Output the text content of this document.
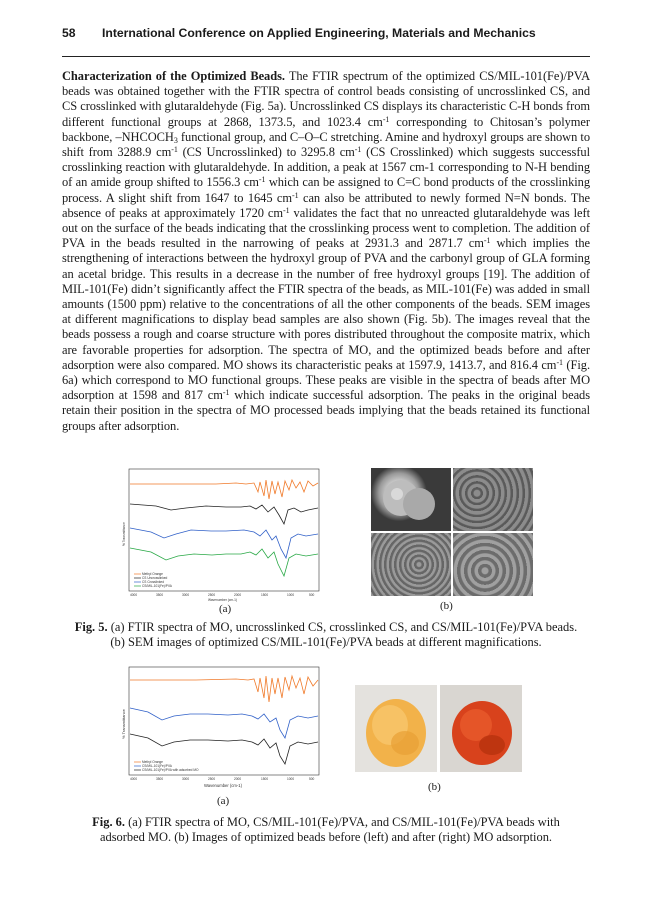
58	International Conference on Applied Engineering, Materials and Mechanics
Characterization of the Optimized Beads. The FTIR spectrum of the optimized CS/MIL-101(Fe)/PVA beads was obtained together with the FTIR spectra of control beads consisting of uncrosslinked CS, and CS crosslinked with glutaraldehyde (Fig. 5a). Uncrosslinked CS displays its characteristic C-H bonds from different functional groups at 2868, 1373.5, and 1023.4 $cm^{-1}$ corresponding to Chitosan’s polymer backbone, $-NHCOCH_3$ functional group, and C–O–C stretching. Amine and hydroxyl groups are shown to shift from 3288.9 $cm^{-1}$ (CS Uncrosslinked) to 3295.8 $cm^{-1}$ (CS Crosslinked) which suggests successful crosslinking reaction with glutaraldehyde. In addition, a peak at 1567 cm-1 corresponding to N-H bending of an amide group shifted to 1556.3 $cm^{-1}$ which can be assigned to C=C bond products of the crosslinking process. A slight shift from 1647 to 1645 $cm^{-1}$ can also be attributed to newly formed N=N bonds. The absence of peaks at approximately 1720 $cm^{-1}$ validates the fact that no unreacted glutaraldehyde was left out on the surface of the beads indicating that the crosslinking process went to completion. The addition of PVA in the beads resulted in the narrowing of peaks at 2931.3 and 2871.7 $cm^{-1}$ which implies the strengthening of interactions between the hydroxyl group of PVA and the carbonyl group of GLA forming an acetal bridge. This results in a decrease in the number of free hydroxyl groups [19]. The addition of MIL-101(Fe) didn’t significantly affect the FTIR spectra of the beads, as MIL-101(Fe) was added in small amounts (1500 ppm) relative to the concentrations of all the other components of the beads. SEM images at different magnifications to display bead samples are also shown (Fig. 5b). The images reveal that the beads possess a rough and coarse structure with pores distributed throughout the composite matrix, which are favorable properties for adsorption. The spectra of MO, and the optimized beads before and after adsorption were also compared. MO shows its characteristic peaks at 1597.9, 1413.7, and 816.4 $cm^{-1}$ (Fig. 6a) which correspond to MO functional groups. These peaks are visible in the spectra of beads after MO adsorption at 1598 and 817 $cm^{-1}$ which indicate successful adsorption. The peaks in the original beads retain their position in the spectra of MO processed beads implying that the beads retained its functional groups after adsorption.
4000	3500	3000	2500	2000	1500	1000	500
Wavenumber (cm-1)
% Transmittance
Methyl Orange
CS Uncrosslinked
CS Crosslinked
CS/MIL-101(Fe)/PVA
(a)	(b)
Fig. 5. (a) FTIR spectra of MO, uncrosslinked CS, crosslinked CS, and CS/MIL-101(Fe)/PVA beads. (b) SEM images of optimized CS/MIL-101(Fe)/PVA beads at different magnifications.
4000	3500	3000	2500	2000	1500	1000	500
Wavenumber (cm-1)
% Transmittance
Methyl Orange
CS/MIL-101(Fe)/PVA
CS/MIL-101(Fe)/PVA with adsorbed MO
(a)
(b)
Fig. 6. (a) FTIR spectra of MO, CS/MIL-101(Fe)/PVA, and CS/MIL-101(Fe)/PVA beads with adsorbed MO. (b) Images of optimized beads before (left) and after (right) MO adsorption.
